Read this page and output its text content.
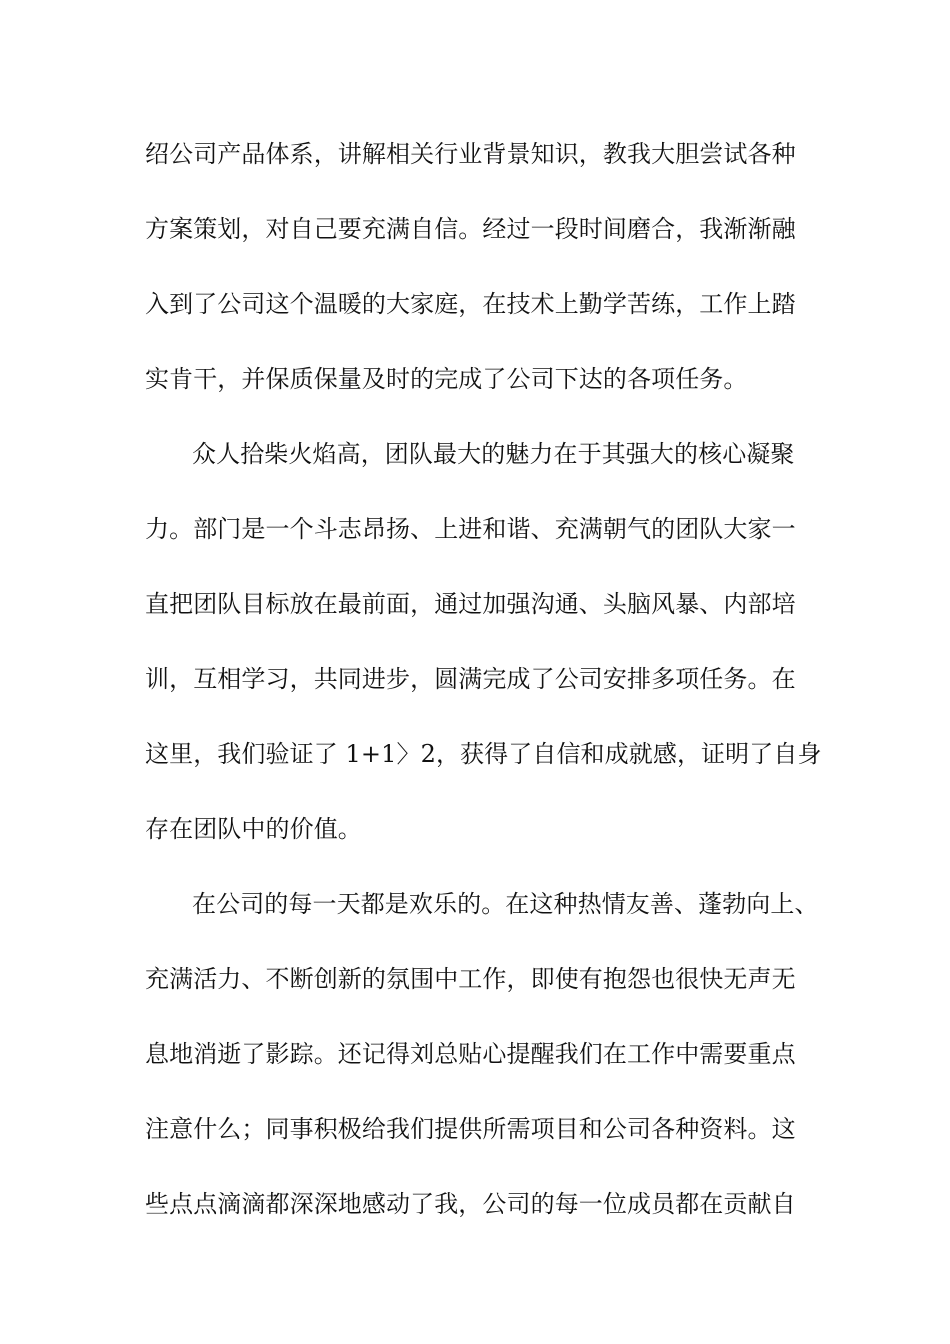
绍公司产品体系，讲解相关行业背景知识，教我大胆尝试各种
方案策划，对自己要充满自信。经过一段时间磨合，我渐渐融
入到了公司这个温暖的大家庭，在技术上勤学苦练，工作上踏
实肯干，并保质保量及时的完成了公司下达的各项任务。
众人拾柴火焰高，团队最大的魅力在于其强大的核心凝聚
力。部门是一个斗志昂扬、上进和谐、充满朝气的团队大家一
直把团队目标放在最前面，通过加强沟通、头脑风暴、内部培
训，互相学习，共同进步，圆满完成了公司安排多项任务。在
这里，我们验证了 1+1〉2，获得了自信和成就感，证明了自身
存在团队中的价值。
在公司的每一天都是欢乐的。在这种热情友善、蓬勃向上、
充满活力、不断创新的氛围中工作，即使有抱怨也很快无声无
息地消逝了影踪。还记得刘总贴心提醒我们在工作中需要重点
注意什么；同事积极给我们提供所需项目和公司各种资料。这
些点点滴滴都深深地感动了我，公司的每一位成员都在贡献自
